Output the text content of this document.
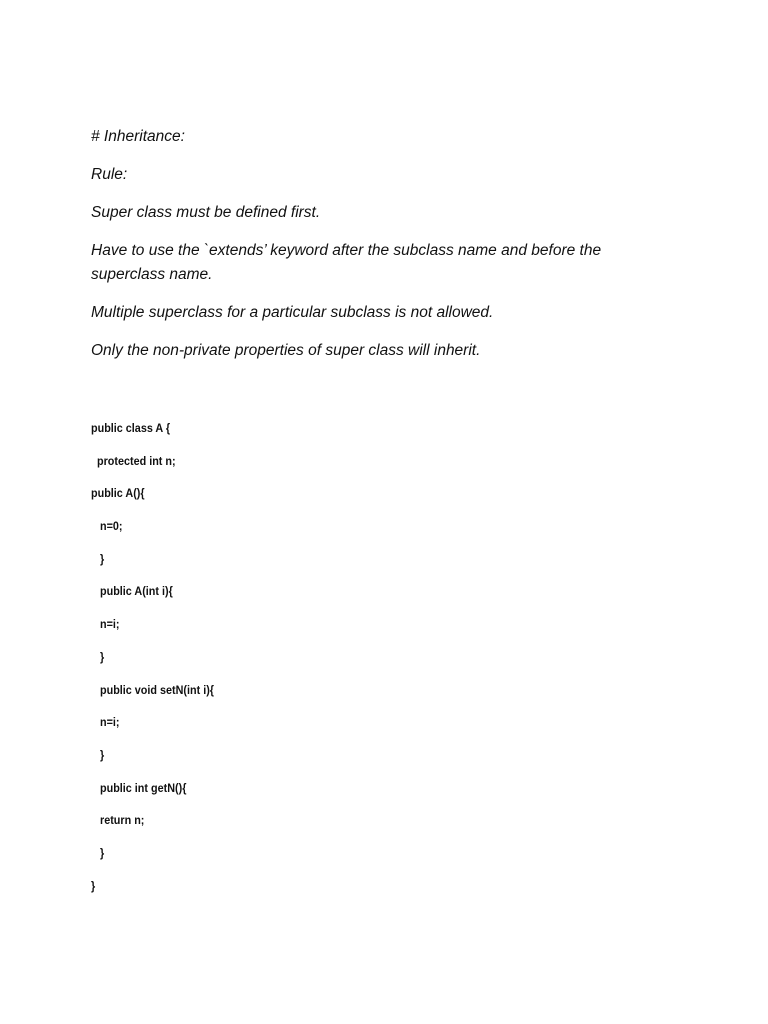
# Inheritance:

Rule:

Super class must be defined first.

Have to use the `extends’ keyword after the subclass name and before the
superclass name.

Multiple superclass for a particular subclass is not allowed.

Only the non-private properties of super class will inherit.

public class A {
protected int n;
public A(){
n=0;
}
public A(int i){
n=i;
}
public void setN(int i){
n=i;
}
public int getN(){
return n;
}
}
